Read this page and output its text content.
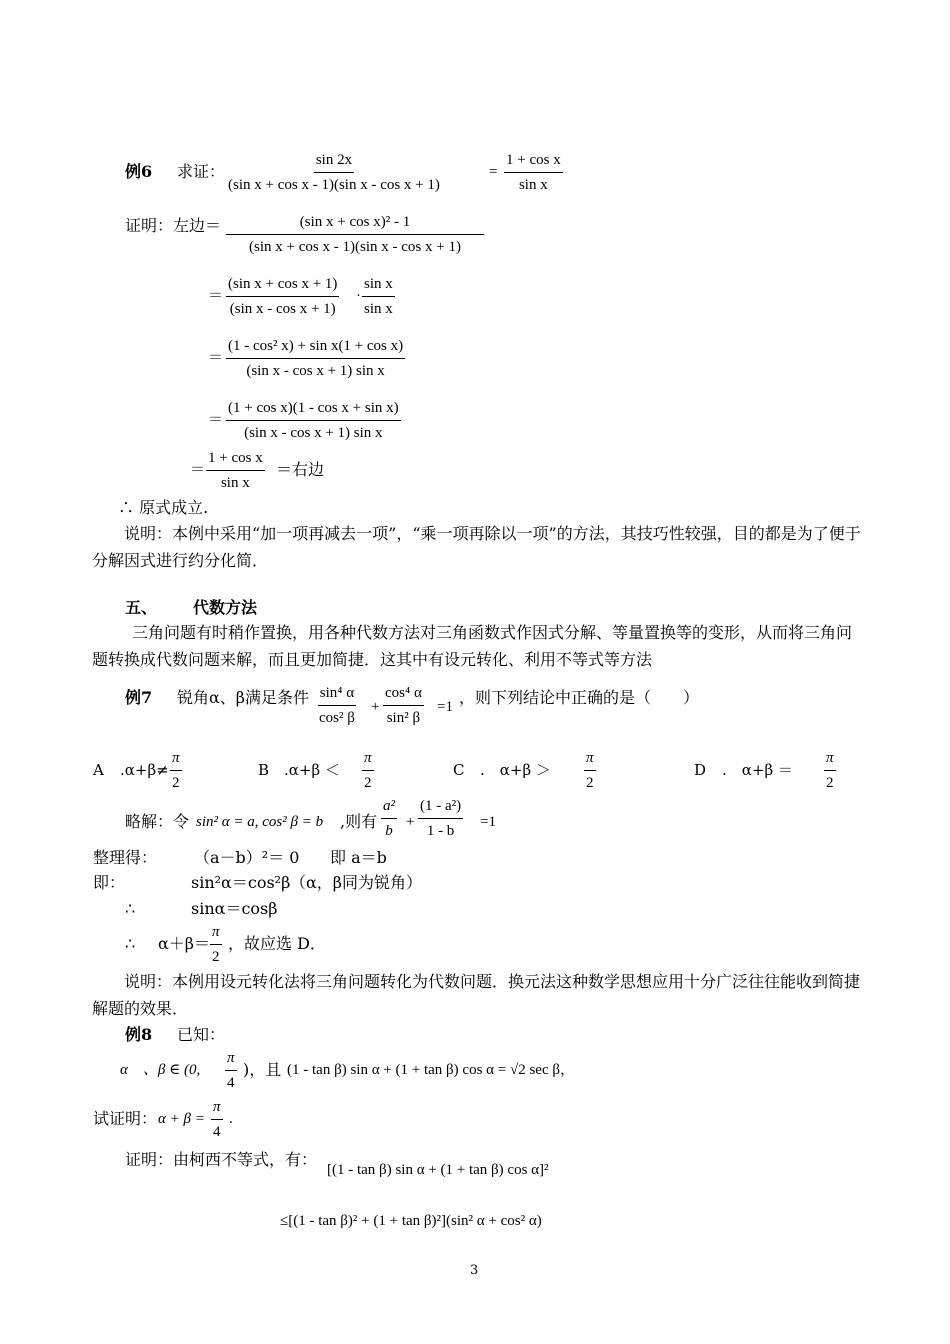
例6 求证： $\frac{\sin 2x}{\text{(sin x + cos x - 1)(sin x - cos x + 1)}}$	= $\frac{\text{1 + cos x}}{\text{sin x}}$
证明：左边＝ $\frac{\text{(sin x + cos x)² - 1}}{\text{(sin x + cos x - 1)(sin x - cos x + 1)}}$
＝ $\frac{\text{(sin x + cos x + 1)}}{\text{(sin x - cos x + 1)}} \cdot \frac{\text{sin x}}{\text{sin x}}$
＝ $\frac{\text{(1 - cos² x) + sin x(1 + cos x)}}{\text{(sin x - cos x + 1) sin x}}$
＝ $\frac{\text{(1 + cos x)(1 - cos x + sin x)}}{\text{(sin x - cos x + 1) sin x}}$
＝ $\frac{\text{1 + cos x}}{\text{sin x}}$ ＝右边
∴ 原式成立.
说明：本例中采用“加一项再减去一项”，“乘一项再除以一项”的方法，其技巧性较强，目的都是为了便于分解因式进行约分化简．
五、 代数方法
三角问题有时稍作置换，用各种代数方法对三角函数式作因式分解、等量置换等的变形，从而将三角问题转换成代数问题来解，而且更加简捷．这其中有设元转化、利用不等式等方法
例7 锐角α、β满足条件 $\frac{\text{sin⁴ α}}{\text{cos² β}} + \frac{\text{cos⁴ α}}{\text{sin² β}} =1$ ，则下列结论中正确的是（　　）
A $.\alpha+\beta\ne \frac{\pi}{2}$	B $.\alpha+\beta < \frac{\pi}{2}$	C .　$\alpha+\beta > \frac{\pi}{2}$	D .　$\alpha+\beta = \frac{\pi}{2}$
略解：令 sin² α = a, cos² β = b ,则有 $\frac{\text{a²}}{b} + \frac{\text{(1 - a²)}}{1 - b} =1$
整理得： （a－b）²＝ 0 即 a＝b
即：	sin²α＝cos²β （α，β同为锐角）
∴	sinα＝cosβ
∴ $\alpha+\beta= \frac{\pi}{2}$ ，故应选 D．
说明：本例用设元转化法将三角问题转化为代数问题．换元法这种数学思想应用十分广泛往往能收到简捷解题的效果．
例8 已知：
α　、β ∈ (0, $\frac{\pi}{4}$ )，且 (1 - tan β) sin α + (1 + tan β) cos α = √2 sec β，
试证明： $\alpha + \beta = \frac{\pi}{4}$ .
证明：由柯西不等式，有：
[(1 - tan β) sin α + (1 + tan β) cos α]²
≤[(1 - tan β)² + (1 + tan β)²](sin² α + cos² α)
3
